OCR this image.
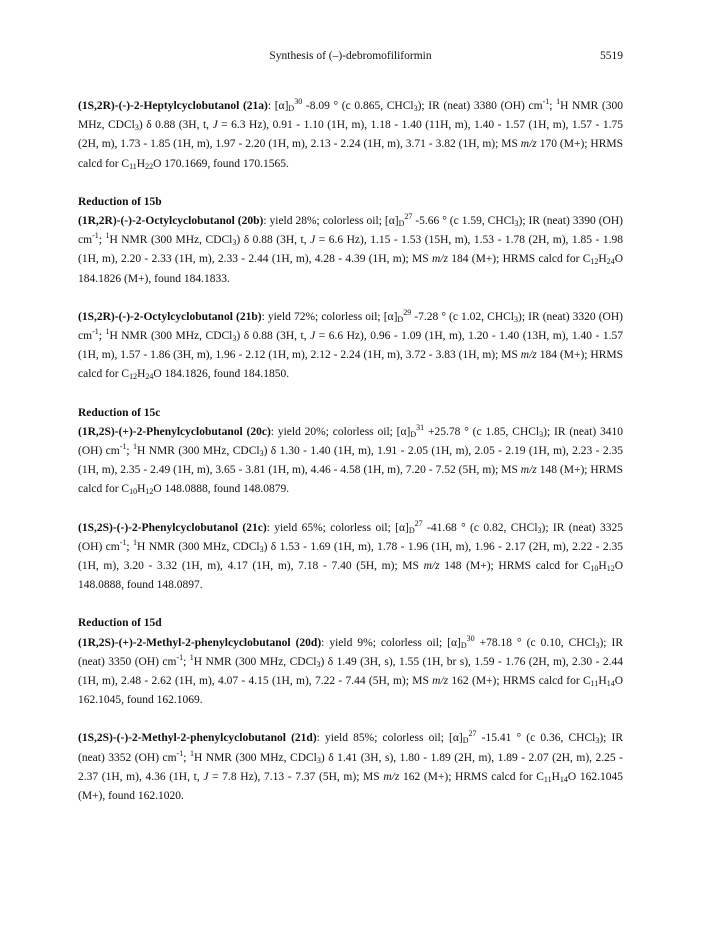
Synthesis of (–)-debromofiliformin	5519

(1S,2R)-(-)-2-Heptylcyclobutanol (21a): $[\alpha]_D^{30}$ -8.09 ° (c 0.865, CHCl$_3$); IR (neat) 3380 (OH) $cm^{-1}$; $^1$H NMR (300 MHz, CDCl$_3$) δ 0.88 (3H, t, J = 6.3 Hz), 0.91 - 1.10 (1H, m), 1.18 - 1.40 (11H, m), 1.40 - 1.57 (1H, m), 1.57 - 1.75 (2H, m), 1.73 - 1.85 (1H, m), 1.97 - 2.20 (1H, m), 2.13 - 2.24 (1H, m), 3.71 - 3.82 (1H, m); MS m/z 170 (M+); HRMS calcd for $C_{11}H_{22}O$ 170.1669, found 170.1565.

Reduction of 15b

(1R,2R)-(-)-2-Octylcyclobutanol (20b): yield 28%; colorless oil; $[\alpha]_D^{27}$ -5.66 ° (c 1.59, CHCl$_3$); IR (neat) 3390 (OH) $cm^{-1}$; $^1$H NMR (300 MHz, CDCl$_3$) δ 0.88 (3H, t, J = 6.6 Hz), 1.15 - 1.53 (15H, m), 1.53 - 1.78 (2H, m), 1.85 - 1.98 (1H, m), 2.20 - 2.33 (1H, m), 2.33 - 2.44 (1H, m), 4.28 - 4.39 (1H, m); MS m/z 184 (M+); HRMS calcd for $C_{12}H_{24}O$ 184.1826 (M+), found 184.1833.

(1S,2R)-(-)-2-Octylcyclobutanol (21b): yield 72%; colorless oil; $[\alpha]_D^{29}$ -7.28 ° (c 1.02, CHCl$_3$); IR (neat) 3320 (OH) $cm^{-1}$; $^1$H NMR (300 MHz, CDCl$_3$) δ 0.88 (3H, t, J = 6.6 Hz), 0.96 - 1.09 (1H, m), 1.20 - 1.40 (13H, m), 1.40 - 1.57 (1H, m), 1.57 - 1.86 (3H, m), 1.96 - 2.12 (1H, m), 2.12 - 2.24 (1H, m), 3.72 - 3.83 (1H, m); MS m/z 184 (M+); HRMS calcd for $C_{12}H_{24}O$ 184.1826, found 184.1850.

Reduction of 15c

(1R,2S)-(+)-2-Phenylcyclobutanol (20c): yield 20%; colorless oil; $[\alpha]_D^{31} +25.78$ ° (c 1.85, CHCl$_3$); IR (neat) 3410 (OH) $cm^{-1}$; $^1$H NMR (300 MHz, CDCl$_3$) δ 1.30 - 1.40 (1H, m), 1.91 - 2.05 (1H, m), 2.05 - 2.19 (1H, m), 2.23 - 2.35 (1H, m), 2.35 - 2.49 (1H, m), 3.65 - 3.81 (1H, m), 4.46 - 4.58 (1H, m), 7.20 - 7.52 (5H, m); MS m/z 148 (M+); HRMS calcd for $C_{10}H_{12}O$ 148.0888, found 148.0879.

(1S,2S)-(-)-2-Phenylcyclobutanol (21c): yield 65%; colorless oil; $[\alpha]_D^{27}$ -41.68 ° (c 0.82, CHCl$_3$); IR (neat) 3325 (OH) $cm^{-1}$; $^1$H NMR (300 MHz, CDCl$_3$) δ 1.53 - 1.69 (1H, m), 1.78 - 1.96 (1H, m), 1.96 - 2.17 (2H, m), 2.22 - 2.35 (1H, m), 3.20 - 3.32 (1H, m), 4.17 (1H, m), 7.18 - 7.40 (5H, m); MS m/z 148 (M+); HRMS calcd for $C_{10}H_{12}O$ 148.0888, found 148.0897.

Reduction of 15d

(1R,2S)-(+)-2-Methyl-2-phenylcyclobutanol (20d): yield 9%; colorless oil; $[\alpha]_D^{30} +78.18$ ° (c 0.10, CHCl$_3$); IR (neat) 3350 (OH) $cm^{-1}$; $^1$H NMR (300 MHz, CDCl$_3$) δ 1.49 (3H, s), 1.55 (1H, br s), 1.59 - 1.76 (2H, m), 2.30 - 2.44 (1H, m), 2.48 - 2.62 (1H, m), 4.07 - 4.15 (1H, m), 7.22 - 7.44 (5H, m); MS m/z 162 (M+); HRMS calcd for $C_{11}H_{14}O$ 162.1045, found 162.1069.

(1S,2S)-(-)-2-Methyl-2-phenylcyclobutanol (21d): yield 85%; colorless oil; $[\alpha]_D^{27}$ -15.41 ° (c 0.36, CHCl$_3$); IR (neat) 3352 (OH) $cm^{-1}$; $^1$H NMR (300 MHz, CDCl$_3$) δ 1.41 (3H, s), 1.80 - 1.89 (2H, m), 1.89 - 2.07 (2H, m), 2.25 - 2.37 (1H, m), 4.36 (1H, t, J = 7.8 Hz), 7.13 - 7.37 (5H, m); MS m/z 162 (M+); HRMS calcd for $C_{11}H_{14}O$ 162.1045 (M+), found 162.1020.
